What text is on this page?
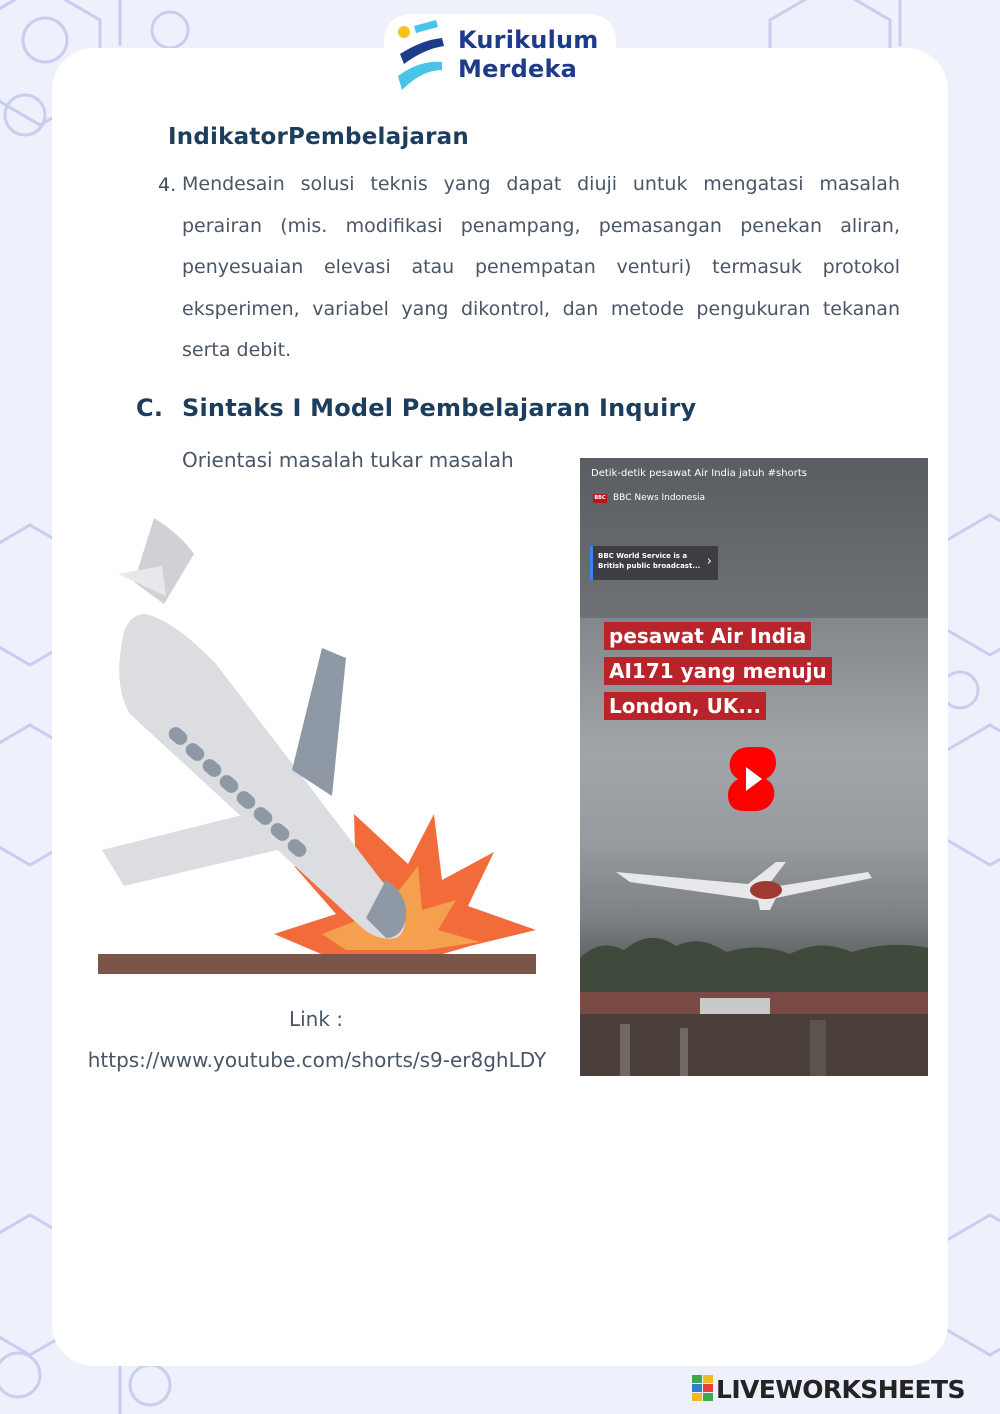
Kurikulum
Merdeka
IndikatorPembelajaran
4. Mendesain solusi teknis yang dapat diuji untuk mengatasi masalah perairan (mis. modifikasi penampang, pemasangan penekan aliran, penyesuaian elevasi atau penempatan venturi) termasuk protokol eksperimen, variabel yang dikontrol, dan metode pengukuran tekanan serta debit.

C. Sintaks I Model Pembelajaran Inquiry
Orientasi masalah tukar masalah
Link :
https://www.youtube.com/shorts/s9-er8ghLDY
Detik-detik pesawat Air India jatuh #shorts
BBC BBC News Indonesia
BBC World Service is a
British public broadcast... ›
pesawat Air India
AI171 yang menuju
London, UK...
LIVEWORKSHEETS
